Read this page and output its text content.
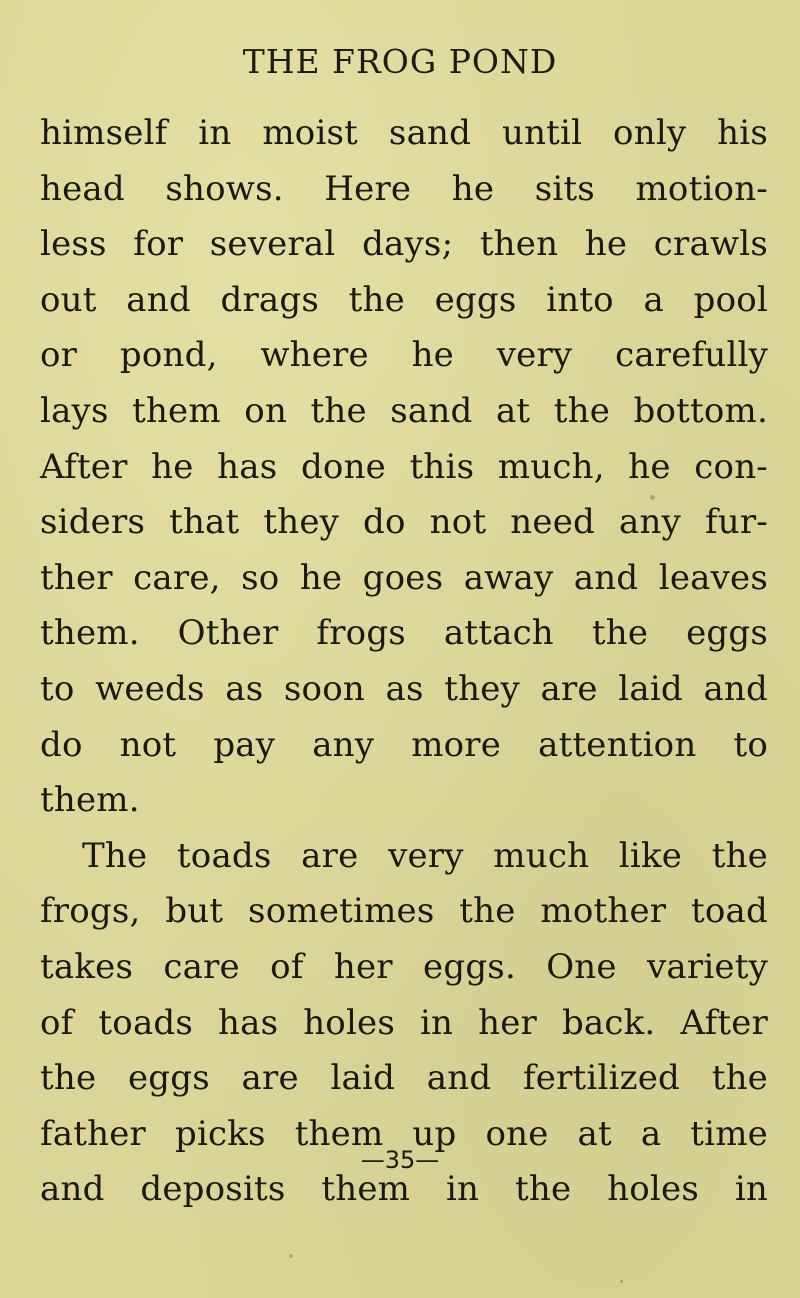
THE FROG POND
himself in moist sand until only his
head shows. Here he sits motion-
less for several days; then he crawls
out and drags the eggs into a pool
or pond, where he very carefully
lays them on the sand at the bottom.
After he has done this much, he con-
siders that they do not need any fur-
ther care, so he goes away and leaves
them. Other frogs attach the eggs
to weeds as soon as they are laid and
do not pay any more attention to
them.
The toads are very much like the
frogs, but sometimes the mother toad
takes care of her eggs. One variety
of toads has holes in her back. After
the eggs are laid and fertilized the
father picks them up one at a time
and deposits them in the holes in
—35—
